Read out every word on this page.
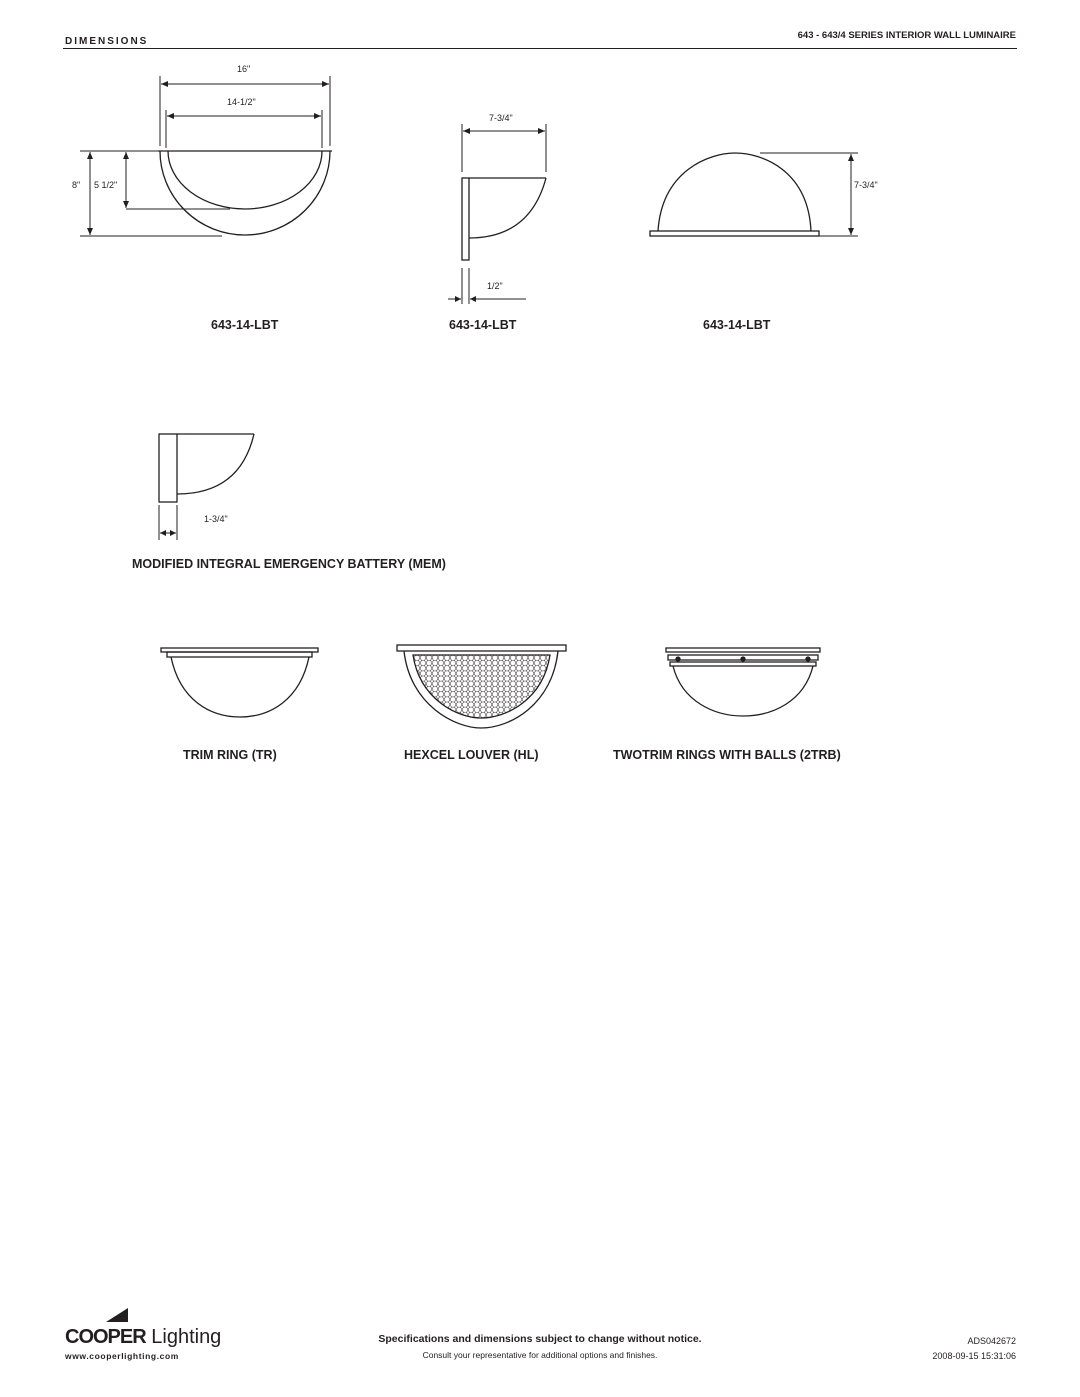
DIMENSIONS
643 - 643/4 SERIES INTERIOR WALL LUMINAIRE
16"
14-1/2"
8" 5 1/2"
7-3/4"
1/2"
7-3/4"
1-3/4"
643-14-LBT	643-14-LBT	643-14-LBT
MODIFIED INTEGRAL EMERGENCY BATTERY (MEM)
TRIM RING (TR)	HEXCEL LOUVER (HL)	TWOTRIM RINGS WITH BALLS (2TRB)
COOPER Lighting
www.cooperlighting.com
Specifications and dimensions subject to change without notice.
Consult your representative for additional options and finishes.
ADS042672
2008-09-15 15:31:06
